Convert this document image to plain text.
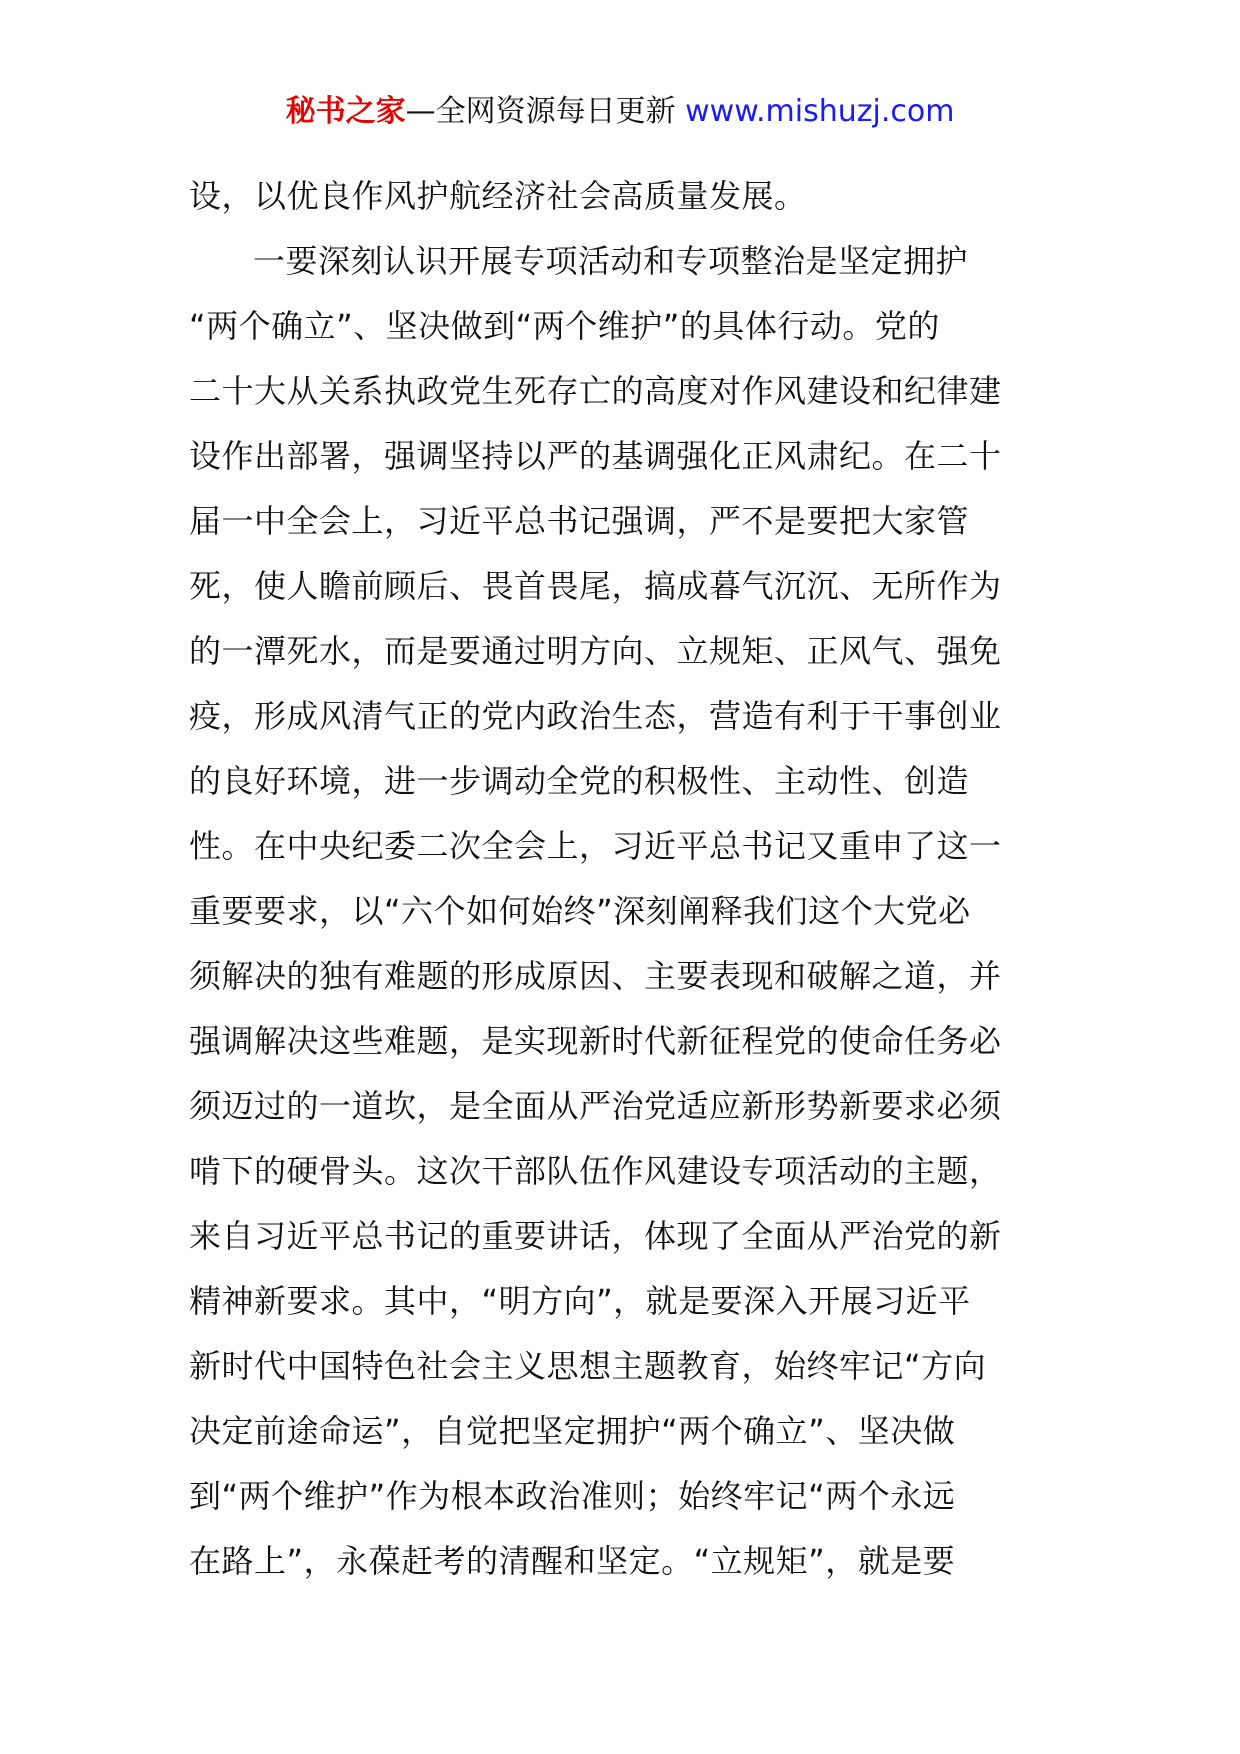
秘书之家—全网资源每日更新 www.mishuzj.com
设，以优良作风护航经济社会高质量发展。
一要深刻认识开展专项活动和专项整治是坚定拥护
“两个确立”、坚决做到“两个维护”的具体行动。党的
二十大从关系执政党生死存亡的高度对作风建设和纪律建
设作出部署，强调坚持以严的基调强化正风肃纪。在二十
届一中全会上，习近平总书记强调，严不是要把大家管
死，使人瞻前顾后、畏首畏尾，搞成暮气沉沉、无所作为
的一潭死水，而是要通过明方向、立规矩、正风气、强免
疫，形成风清气正的党内政治生态，营造有利于干事创业
的良好环境，进一步调动全党的积极性、主动性、创造
性。在中央纪委二次全会上，习近平总书记又重申了这一
重要要求，以“六个如何始终”深刻阐释我们这个大党必
须解决的独有难题的形成原因、主要表现和破解之道，并
强调解决这些难题，是实现新时代新征程党的使命任务必
须迈过的一道坎，是全面从严治党适应新形势新要求必须
啃下的硬骨头。这次干部队伍作风建设专项活动的主题，
来自习近平总书记的重要讲话，体现了全面从严治党的新
精神新要求。其中，“明方向”，就是要深入开展习近平
新时代中国特色社会主义思想主题教育，始终牢记“方向
决定前途命运”，自觉把坚定拥护“两个确立”、坚决做
到“两个维护”作为根本政治准则；始终牢记“两个永远
在路上”，永葆赶考的清醒和坚定。“立规矩”，就是要
